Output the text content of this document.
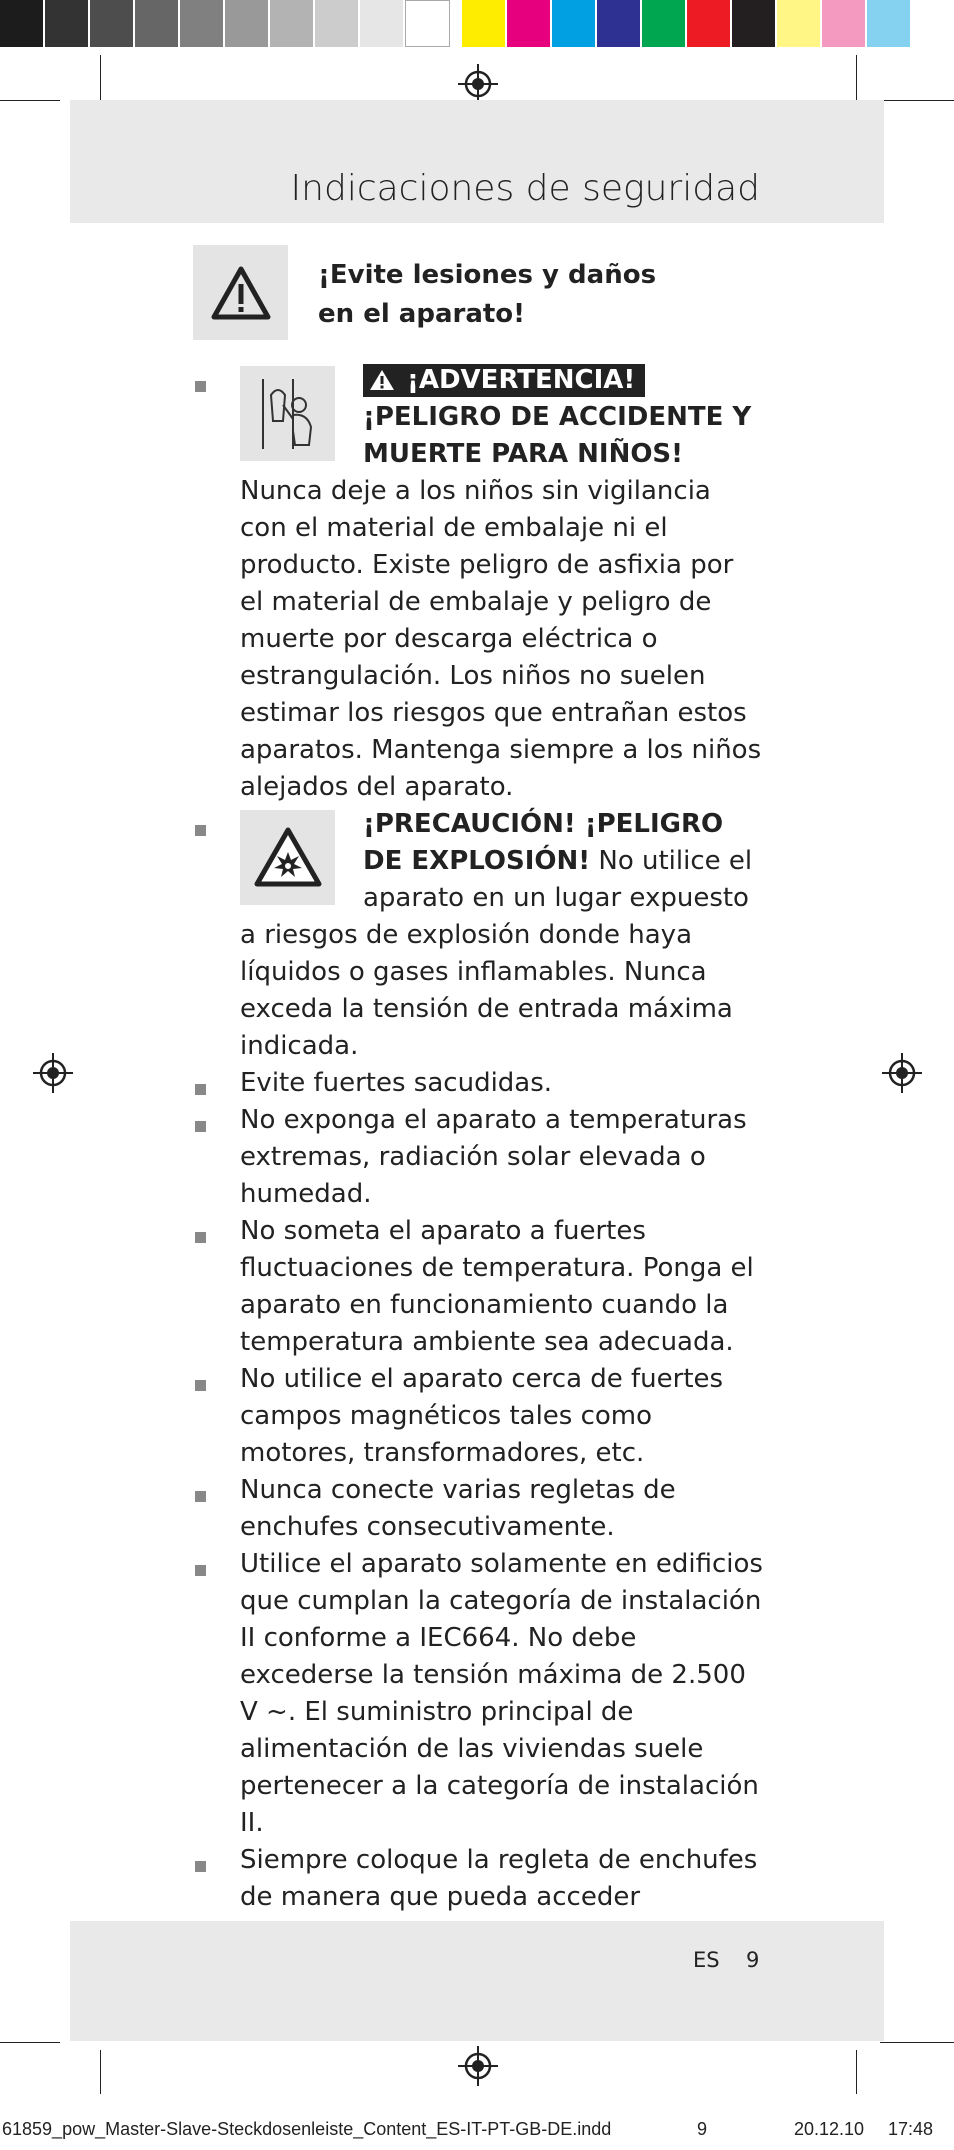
Indicaciones de seguridad
¡Evite lesiones y daños
en el aparato!
¡ADVERTENCIA! ¡PELIGRO DE ACCIDENTE Y MUERTE PARA NIÑOS! Nunca deje a los niños sin vigilancia con el material de embalaje ni el producto. Existe peligro de asfixia por el material de embalaje y peligro de muerte por descarga eléctrica o estrangulación. Los niños no suelen estimar los riesgos que entrañan estos aparatos. Mantenga siempre a los niños alejados del aparato.
¡PRECAUCIÓN! ¡PELIGRO DE EXPLOSIÓN! No utilice el aparato en un lugar expuesto a riesgos de explosión donde haya líquidos o gases inflamables. Nunca exceda la tensión de entrada máxima indicada.
Evite fuertes sacudidas.
No exponga el aparato a temperaturas extremas, radiación solar elevada o humedad.
No someta el aparato a fuertes fluctuaciones de temperatura. Ponga el aparato en funcionamiento cuando la temperatura ambiente sea adecuada.
No utilice el aparato cerca de fuertes campos magnéticos tales como motores, transformadores, etc.
Nunca conecte varias regletas de enchufes consecutivamente.
Utilice el aparato solamente en edificios que cumplan la categoría de instalación II conforme a IEC664. No debe excederse la tensión máxima de 2.500 V ~. El suministro principal de alimentación de las viviendas suele pertenecer a la categoría de instalación II.
Siempre coloque la regleta de enchufes de manera que pueda acceder
ES 9
61859_pow_Master-Slave-Steckdosenleiste_Content_ES-IT-PT-GB-DE.indd	9	20.12.10 17:48
